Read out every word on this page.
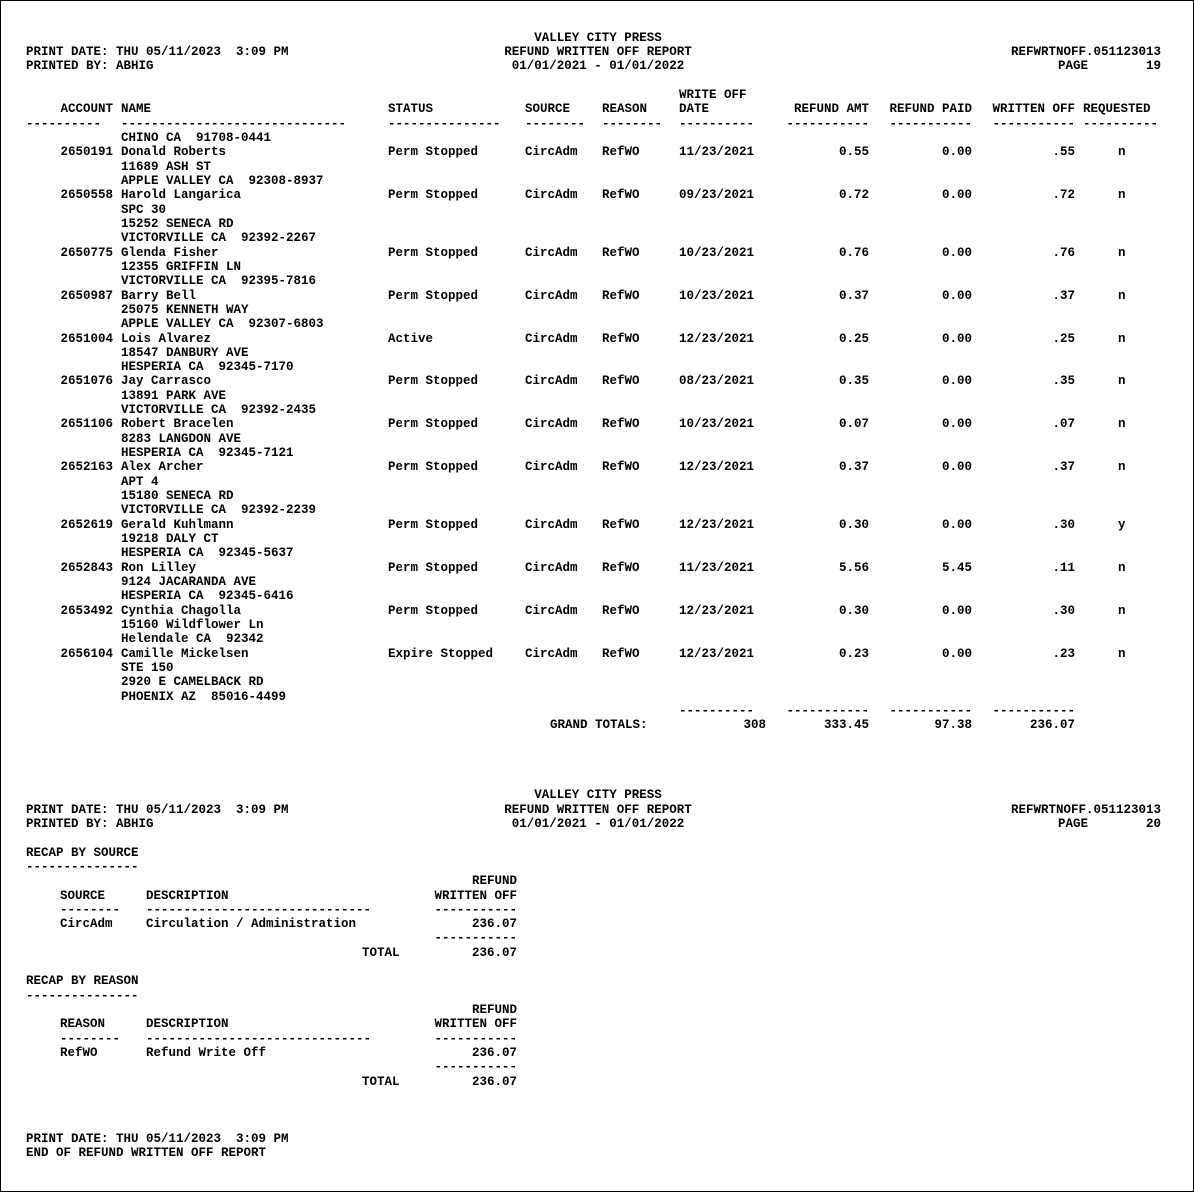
VALLEY CITY PRESS
PRINT DATE: THU 05/11/2023  3:09 PM	REFUND WRITTEN OFF REPORT	REFWRTNOFF.051123013
PRINTED BY: ABHIG	01/01/2021 - 01/01/2022	PAGE	19
WRITE OFF
ACCOUNT NAME	STATUS	SOURCE	REASON	DATE	REFUND AMT	REFUND PAID	WRITTEN OFF REQUESTED
---------- ------------------------------	--------------- -------- -------- ----------	-----------	-----------	----------- ----------
CHINO CA  91708-0441
2650191 Donald Roberts	Perm Stopped	CircAdm RefWO	11/23/2021	0.55	0.00	.55	n
11689 ASH ST
APPLE VALLEY CA  92308-8937
2650558 Harold Langarica	Perm Stopped	CircAdm RefWO	09/23/2021	0.72	0.00	.72	n
SPC 30
15252 SENECA RD
VICTORVILLE CA  92392-2267
2650775 Glenda Fisher	Perm Stopped	CircAdm RefWO	10/23/2021	0.76	0.00	.76	n
12355 GRIFFIN LN
VICTORVILLE CA  92395-7816
2650987 Barry Bell	Perm Stopped	CircAdm RefWO	10/23/2021	0.37	0.00	.37	n
25075 KENNETH WAY
APPLE VALLEY CA  92307-6803
2651004 Lois Alvarez	Active	CircAdm RefWO	12/23/2021	0.25	0.00	.25	n
18547 DANBURY AVE
HESPERIA CA  92345-7170
2651076 Jay Carrasco	Perm Stopped	CircAdm RefWO	08/23/2021	0.35	0.00	.35	n
13891 PARK AVE
VICTORVILLE CA  92392-2435
2651106 Robert Bracelen	Perm Stopped	CircAdm RefWO	10/23/2021	0.07	0.00	.07	n
8283 LANGDON AVE
HESPERIA CA  92345-7121
2652163 Alex Archer	Perm Stopped	CircAdm RefWO	12/23/2021	0.37	0.00	.37	n
APT 4
15180 SENECA RD
VICTORVILLE CA  92392-2239
2652619 Gerald Kuhlmann	Perm Stopped	CircAdm RefWO	12/23/2021	0.30	0.00	.30	y
19218 DALY CT
HESPERIA CA  92345-5637
2652843 Ron Lilley	Perm Stopped	CircAdm RefWO	11/23/2021	5.56	5.45	.11	n
9124 JACARANDA AVE
HESPERIA CA  92345-6416
2653492 Cynthia Chagolla	Perm Stopped	CircAdm RefWO	12/23/2021	0.30	0.00	.30	n
15160 Wildflower Ln
Helendale CA  92342
2656104 Camille Mickelsen	Expire Stopped	CircAdm RefWO	12/23/2021	0.23	0.00	.23	n
STE 150
2920 E CAMELBACK RD
PHOENIX AZ  85016-4499
----------	-----------	-----------	-----------
GRAND TOTALS:	308	333.45	97.38	236.07
VALLEY CITY PRESS
PRINT DATE: THU 05/11/2023  3:09 PM	REFUND WRITTEN OFF REPORT	REFWRTNOFF.051123013
PRINTED BY: ABHIG	01/01/2021 - 01/01/2022	PAGE	20
RECAP BY SOURCE
---------------
REFUND
SOURCE	DESCRIPTION	WRITTEN OFF
-------- ------------------------------	-----------
CircAdm	Circulation / Administration	236.07
-----------
TOTAL	236.07
RECAP BY REASON
---------------
REFUND
REASON	DESCRIPTION	WRITTEN OFF
-------- ------------------------------	-----------
RefWO	Refund Write Off	236.07
-----------
TOTAL	236.07
PRINT DATE: THU 05/11/2023  3:09 PM
END OF REFUND WRITTEN OFF REPORT
